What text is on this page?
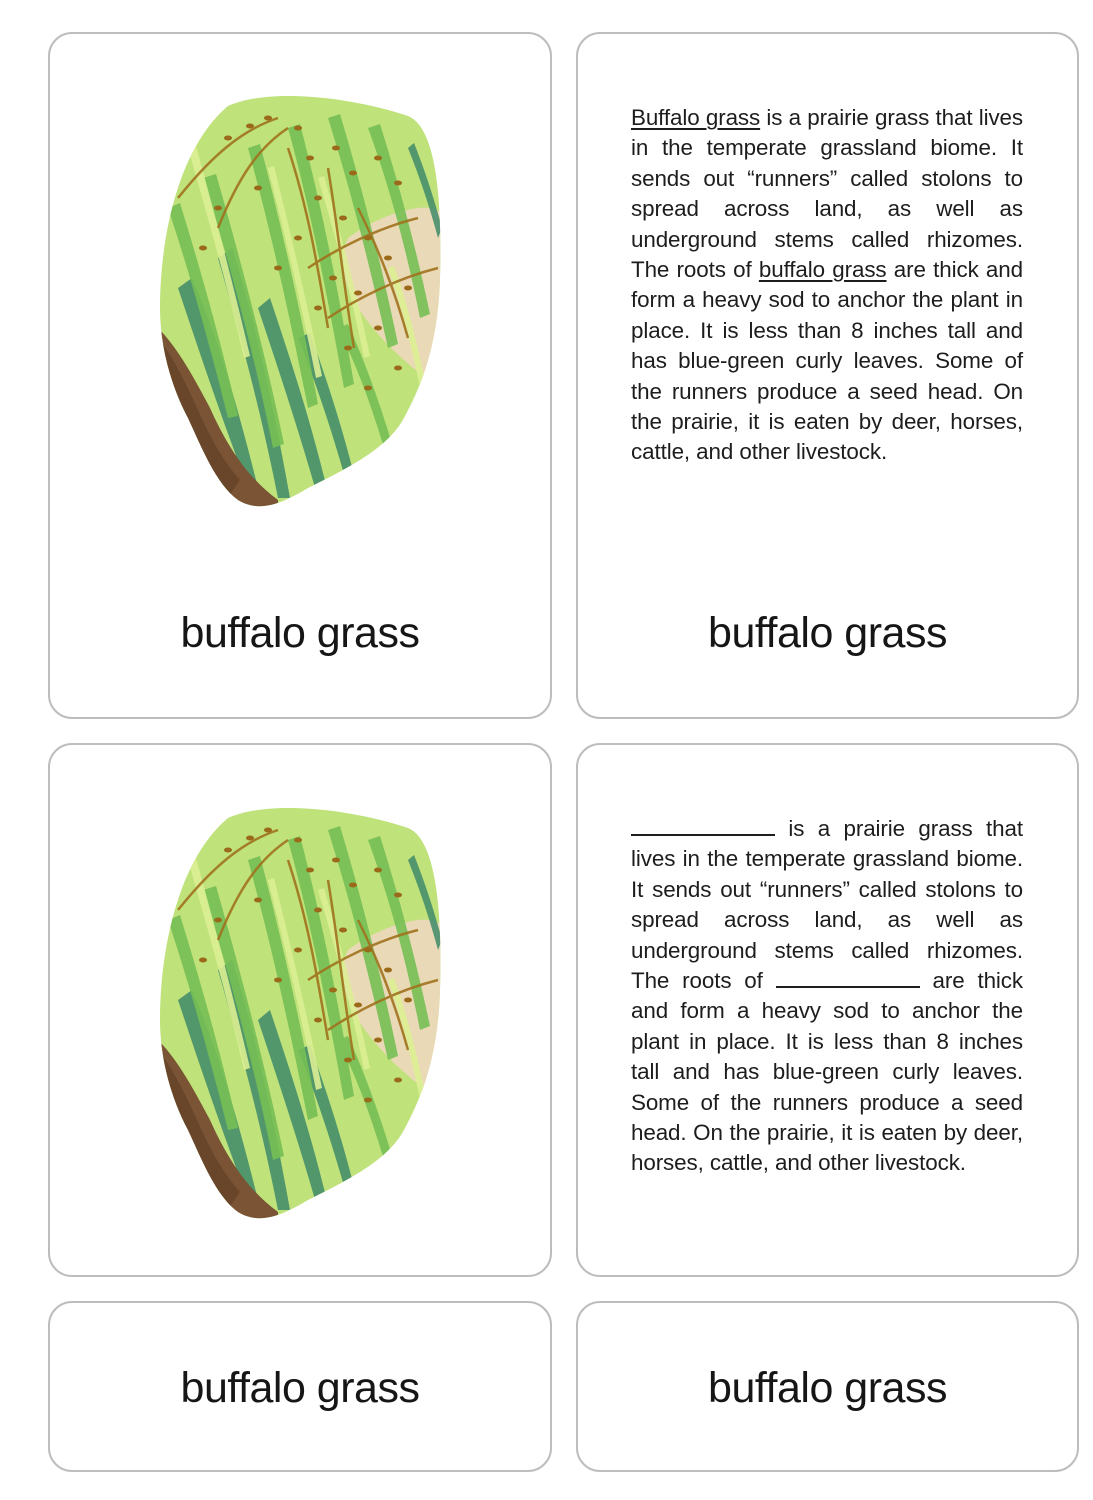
buffalo grass
Buffalo grass is a prairie grass that lives in the temperate grassland biome. It sends out “runners” called stolons to spread across land, as well as underground stems called rhizomes. The roots of buffalo grass are thick and form a heavy sod to anchor the plant in place. It is less than 8 inches tall and has blue-green curly leaves. Some of the runners produce a seed head. On the prairie, it is eaten by deer, horses, cattle, and other livestock.
buffalo grass
is a prairie grass that lives in the temperate grassland biome. It sends out “runners” called stolons to spread across land, as well as underground stems called rhizomes. The roots of	are thick and form a heavy sod to anchor the plant in place. It is less than 8 inches tall and has blue-green curly leaves. Some of the runners produce a seed head. On the prairie, it is eaten by deer, horses, cattle, and other livestock.
buffalo grass	buffalo grass
